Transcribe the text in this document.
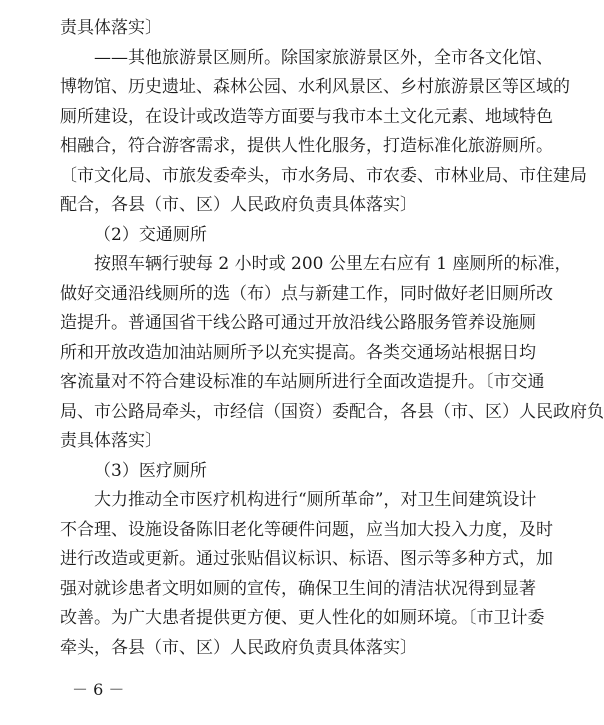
责具体落实〕
——其他旅游景区厕所。除国家旅游景区外，全市各文化馆、
博物馆、历史遗址、森林公园、水利风景区、乡村旅游景区等区域的
厕所建设，在设计或改造等方面要与我市本土文化元素、地域特色
相融合，符合游客需求，提供人性化服务，打造标准化旅游厕所。
〔市文化局、市旅发委牵头，市水务局、市农委、市林业局、市住建局
配合，各县（市、区）人民政府负责具体落实〕
（2）交通厕所
按照车辆行驶每 2 小时或 200 公里左右应有 1 座厕所的标准，
做好交通沿线厕所的选（布）点与新建工作，同时做好老旧厕所改
造提升。普通国省干线公路可通过开放沿线公路服务管养设施厕
所和开放改造加油站厕所予以充实提高。各类交通场站根据日均
客流量对不符合建设标准的车站厕所进行全面改造提升。〔市交通
局、市公路局牵头，市经信（国资）委配合，各县（市、区）人民政府负
责具体落实〕
（3）医疗厕所
大力推动全市医疗机构进行“厕所革命”，对卫生间建筑设计
不合理、设施设备陈旧老化等硬件问题，应当加大投入力度，及时
进行改造或更新。通过张贴倡议标识、标语、图示等多种方式，加
强对就诊患者文明如厕的宣传，确保卫生间的清洁状况得到显著
改善。为广大患者提供更方便、更人性化的如厕环境。〔市卫计委
牵头，各县（市、区）人民政府负责具体落实〕
－ 6 －
